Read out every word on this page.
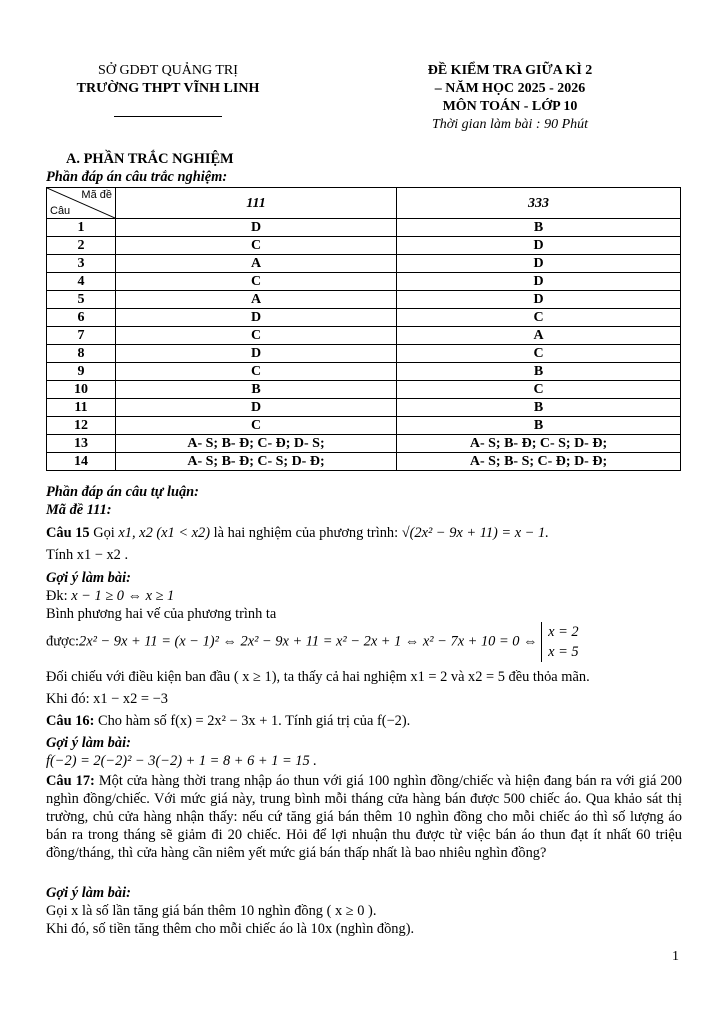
SỞ GDĐT QUẢNG TRỊ
TRƯỜNG THPT VĨNH LINH
ĐỀ KIỂM TRA GIỮA KÌ 2
– NĂM HỌC 2025 - 2026
MÔN TOÁN - LỚP 10
Thời gian làm bài : 90 Phút
A. PHẦN TRẮC NGHIỆM
Phần đáp án câu trắc nghiệm:
Mã đề
Câu	111	333
1	D	B
2	C	D
3	A	D
4	C	D
5	A	D
6	D	C
7	C	A
8	D	C
9	C	B
10	B	C
11	D	B
12	C	B
13	A- S; B- Đ; C- Đ; D- S;	A- S; B- Đ; C- S; D- Đ;
14	A- S; B- Đ; C- S; D- Đ;	A- S; B- S; C- Đ; D- Đ;
Phần đáp án câu tự luận:
Mã đề 111:
Câu 15 Gọi x1, x2 (x1 < x2) là hai nghiệm của phương trình: √(2x² − 9x + 11) = x − 1.
Tính x1 − x2 .
Gợi ý làm bài:
Đk: x − 1 ≥ 0 ⇔ x ≥ 1
Bình phương hai vế của phương trình ta
được:2x² − 9x + 11 = (x − 1)² ⇔ 2x² − 9x + 11 = x² − 2x + 1 ⇔ x² − 7x + 10 = 0 ⇔
x = 2
x = 5
Đối chiếu với điều kiện ban đầu ( x ≥ 1), ta thấy cả hai nghiệm x1 = 2 và x2 = 5 đều thỏa mãn.
Khi đó: x1 − x2 = −3
Câu 16: Cho hàm số f(x) = 2x² − 3x + 1. Tính giá trị của f(−2).
Gợi ý làm bài:
f(−2) = 2(−2)² − 3(−2) + 1 = 8 + 6 + 1 = 15 .
Câu 17: Một cửa hàng thời trang nhập áo thun với giá 100 nghìn đồng/chiếc và hiện đang bán ra với giá 200 nghìn đồng/chiếc. Với mức giá này, trung bình mỗi tháng cửa hàng bán được 500 chiếc áo. Qua khảo sát thị trường, chủ cửa hàng nhận thấy: nếu cứ tăng giá bán thêm 10 nghìn đồng cho mỗi chiếc áo thì số lượng áo bán ra trong tháng sẽ giảm đi 20 chiếc. Hỏi để lợi nhuận thu được từ việc bán áo thun đạt ít nhất 60 triệu đồng/tháng, thì cửa hàng cần niêm yết mức giá bán thấp nhất là bao nhiêu nghìn đồng?
Gợi ý làm bài:
Gọi x là số lần tăng giá bán thêm 10 nghìn đồng ( x ≥ 0 ).
Khi đó, số tiền tăng thêm cho mỗi chiếc áo là 10x (nghìn đồng).
1
